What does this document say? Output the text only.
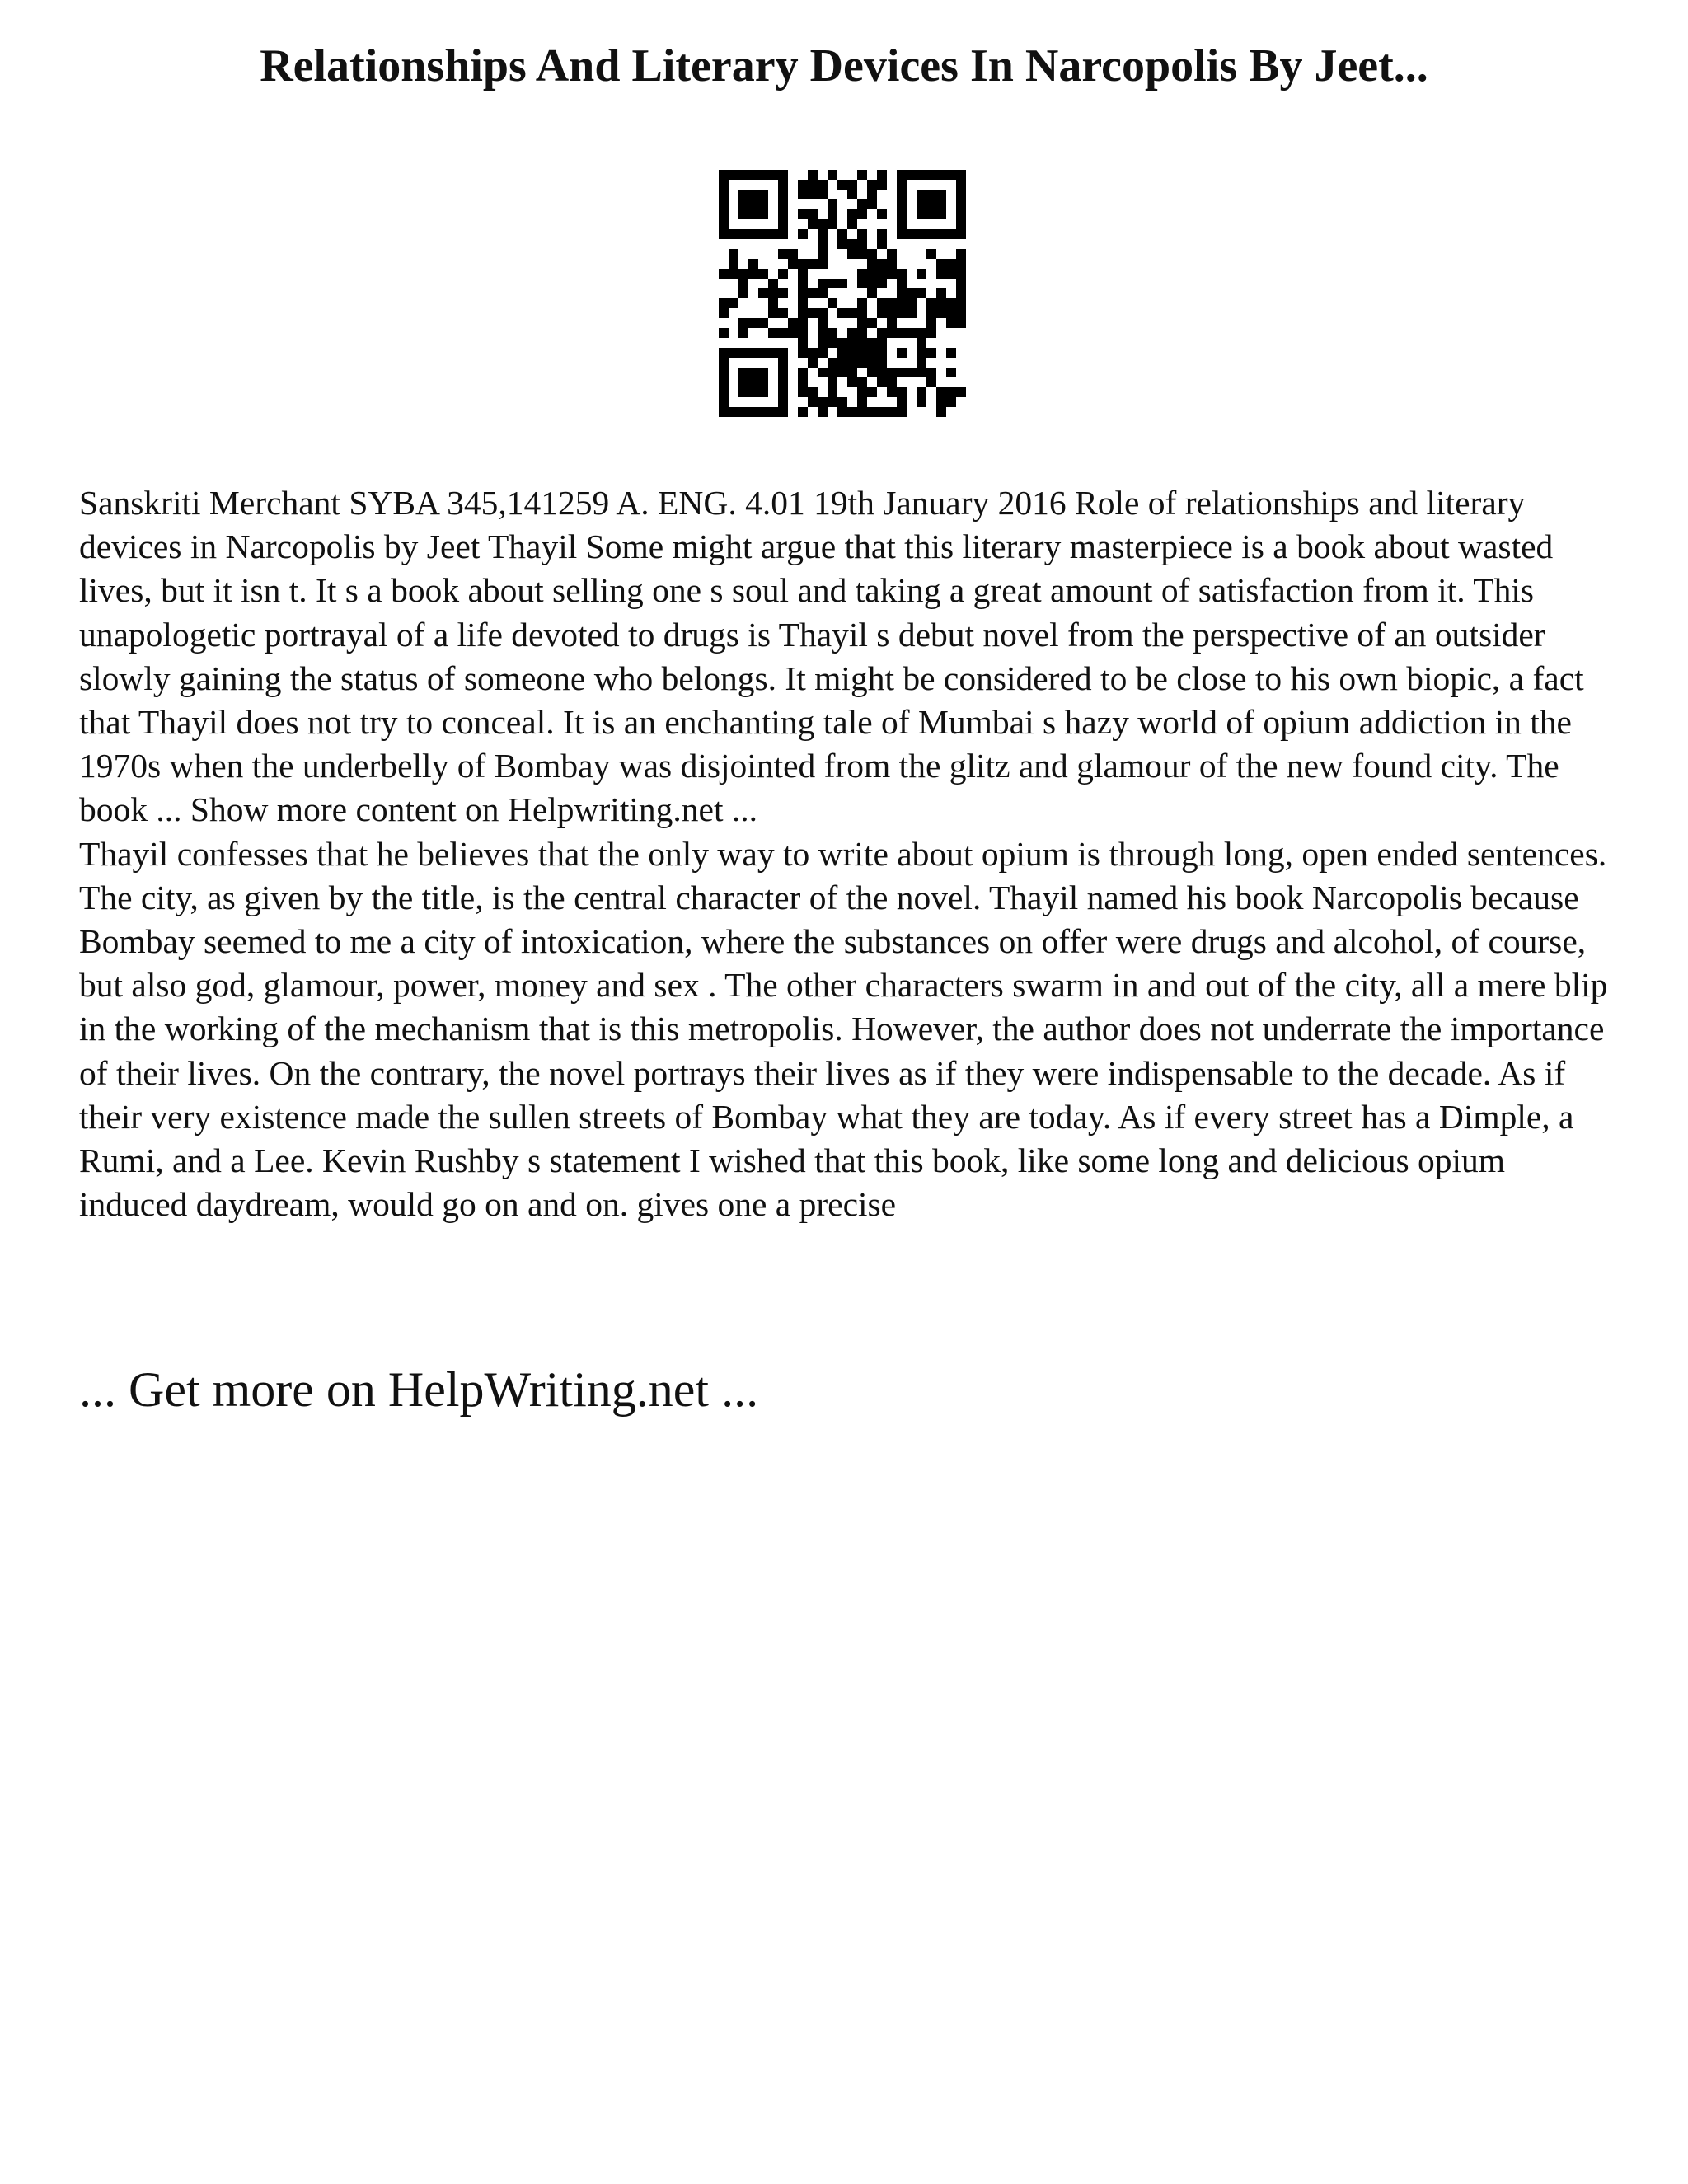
Relationships And Literary Devices In Narcopolis By Jeet...

Sanskriti Merchant SYBA 345,141259 A. ENG. 4.01 19th January 2016 Role of relationships and literary devices in Narcopolis by Jeet Thayil Some might argue that this literary masterpiece is a book about wasted lives, but it isn t. It s a book about selling one s soul and taking a great amount of satisfaction from it. This unapologetic portrayal of a life devoted to drugs is Thayil s debut novel from the perspective of an outsider slowly gaining the status of someone who belongs. It might be considered to be close to his own biopic, a fact that Thayil does not try to conceal. It is an enchanting tale of Mumbai s hazy world of opium addiction in the 1970s when the underbelly of Bombay was disjointed from the glitz and glamour of the new found city. The book ... Show more content on Helpwriting.net ...

Thayil confesses that he believes that the only way to write about opium is through long, open ended sentences. The city, as given by the title, is the central character of the novel. Thayil named his book Narcopolis because Bombay seemed to me a city of intoxication, where the substances on offer were drugs and alcohol, of course, but also god, glamour, power, money and sex . The other characters swarm in and out of the city, all a mere blip in the working of the mechanism that is this metropolis. However, the author does not underrate the importance of their lives. On the contrary, the novel portrays their lives as if they were indispensable to the decade. As if their very existence made the sullen streets of Bombay what they are today. As if every street has a Dimple, a Rumi, and a Lee. Kevin Rushby s statement I wished that this book, like some long and delicious opium induced daydream, would go on and on. gives one a precise

... Get more on HelpWriting.net ...
